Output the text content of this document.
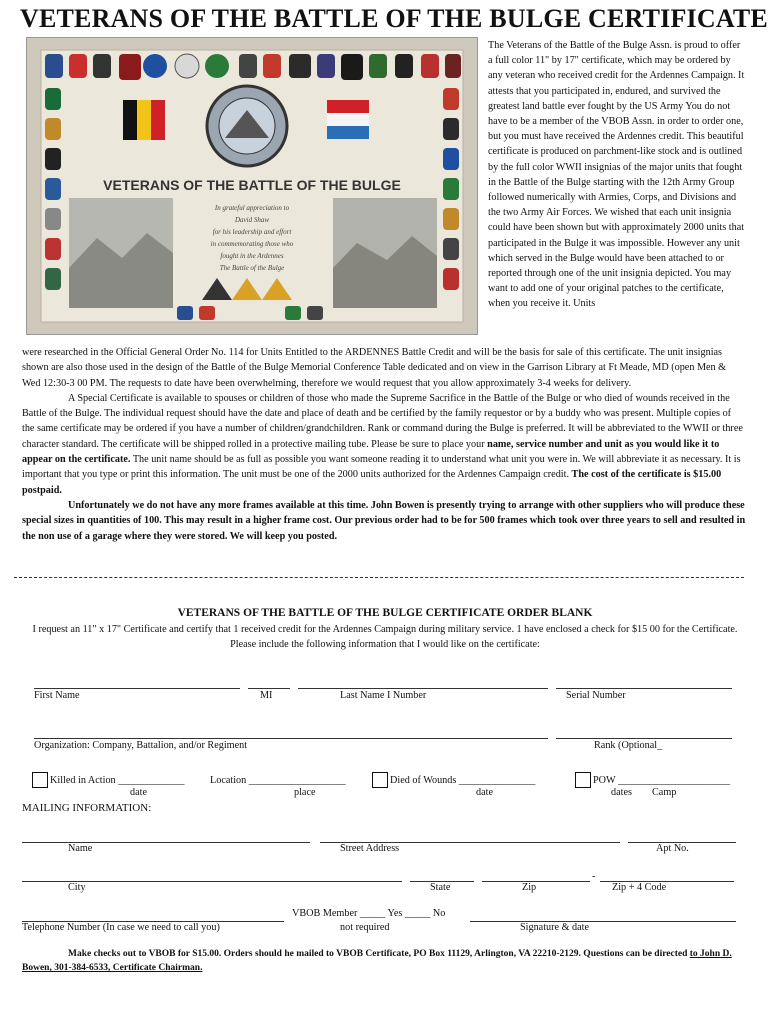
VETERANS OF THE BATTLE OF THE BULGE CERTIFICATE
VETERANS OF THE BATTLE OF THE BULGE
In grateful appreciation to
David Shaw
for his leadership and effort
in commemorating those who
fought in the Ardennes
The Battle of the Bulge
The Veterans of the Battle of the Bulge Assn. is proud to offer a full color 11" by 17" certificate, which may be ordered by any veteran who received credit for the Ardennes Campaign. It attests that you participated in, endured, and survived the greatest land battle ever fought by the US Army You do not have to be a member of the VBOB Assn. in order to order one, but you must have received the Ardennes credit. This beautiful certificate is produced on parchment-like stock and is outlined by the full color WWII insignias of the major units that fought in the Battle of the Bulge starting with the 12th Army Group followed numerically with Armies, Corps, and Divisions and the two Army Air Forces. We wished that each unit insignia could have been shown but with approximately 2000 units that participated in the Bulge it was impossible. However any unit which served in the Bulge would have been attached to or reported through one of the unit insignia depicted. You may want to add one of your original patches to the certificate, when you receive it. Units

were researched in the Official General Order No. 114 for Units Entitled to the ARDENNES Battle Credit and will be the basis for sale of this certificate. The unit insignias shown are also those used in the design of the Battle of the Bulge Memorial Conference Table dedicated and on view in the Garrison Library at Ft Meade, MD (open Men & Wed 12:30-3 00 PM. The requests to date have been overwhelming, therefore we would request that you allow approximately 3-4 weeks for delivery.

A Special Certificate is available to spouses or children of those who made the Supreme Sacrifice in the Battle of the Bulge or who died of wounds received in the Battle of the Bulge. The individual request should have the date and place of death and be certified by the family requestor or by a buddy who was present. Multiple copies of the same certificate may be ordered if you have a number of children/grandchildren. Rank or command during the Bulge is preferred. It will be abbreviated to the WWII or three character standard. The certificate will be shipped rolled in a protective mailing tube. Please be sure to place your name, service number and unit as you would like it to appear on the certificate. The unit name should be as full as possible you want someone reading it to understand what unit you were in. We will abbreviate it as necessary. It is important that you type or print this information. The unit must be one of the 2000 units authorized for the Ardennes Campaign credit. The cost of the certificate is $15.00 postpaid.

Unfortunately we do not have any more frames available at this time. John Bowen is presently trying to arrange with other suppliers who will produce these special sizes in quantities of 100. This may result in a higher frame cost. Our previous order had to be for 500 frames which took over three years to sell and resulted in the non use of a garage where they were stored. We will keep you posted.

VETERANS OF THE BATTLE OF THE BULGE CERTIFICATE ORDER BLANK
I request an 11" x 17" Certificate and certify that 1 received credit for the Ardennes Campaign during military service. 1 have enclosed a check for $15 00 for the Certificate. Please include the following information that I would like on the certificate:
First Name	MI	Last Name I Number	Serial Number
Organization: Company, Battalion, and/or Regiment	Rank (Optional_
Killed in Action _____________	Location ___________________	Died of Wounds _______________	POW ______________________
date	place	date	dates Camp
MAILING INFORMATION:
Name	Street Address	Apt No.
-
City	State	Zip	Zip + 4 Code
Telephone Number (In case we need to call you)
VBOB Member _____ Yes _____ No
not required	Signature & date
Make checks out to VBOB for S15.00. Orders should he mailed to VBOB Certificate, PO Box 11129, Arlington, VA 22210-2129. Questions can be directed to John D. Bowen, 301-384-6533, Certificate Chairman.
